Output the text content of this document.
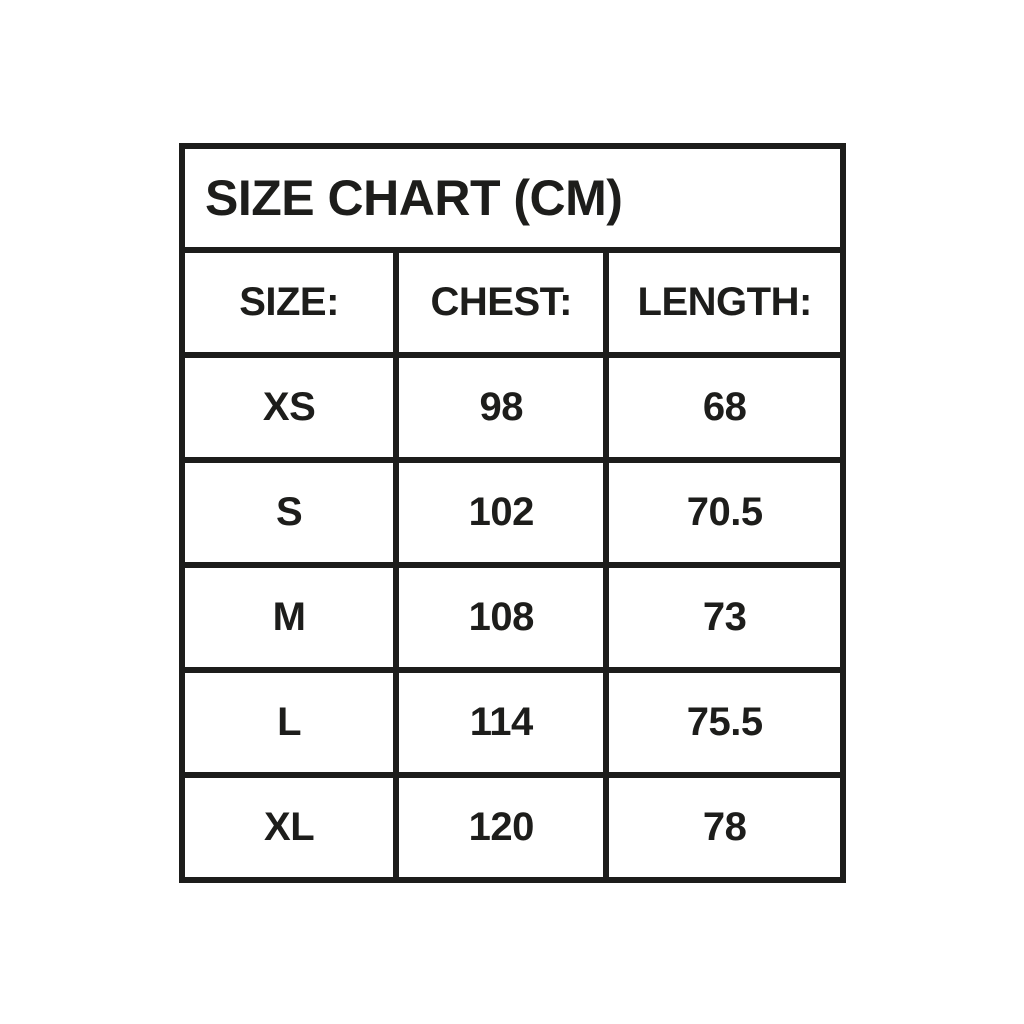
SIZE CHART (CM)		
SIZE:	CHEST:	LENGTH:
XS	98	68
S	102	70.5
M	108	73
L	114	75.5
XL	120	78
